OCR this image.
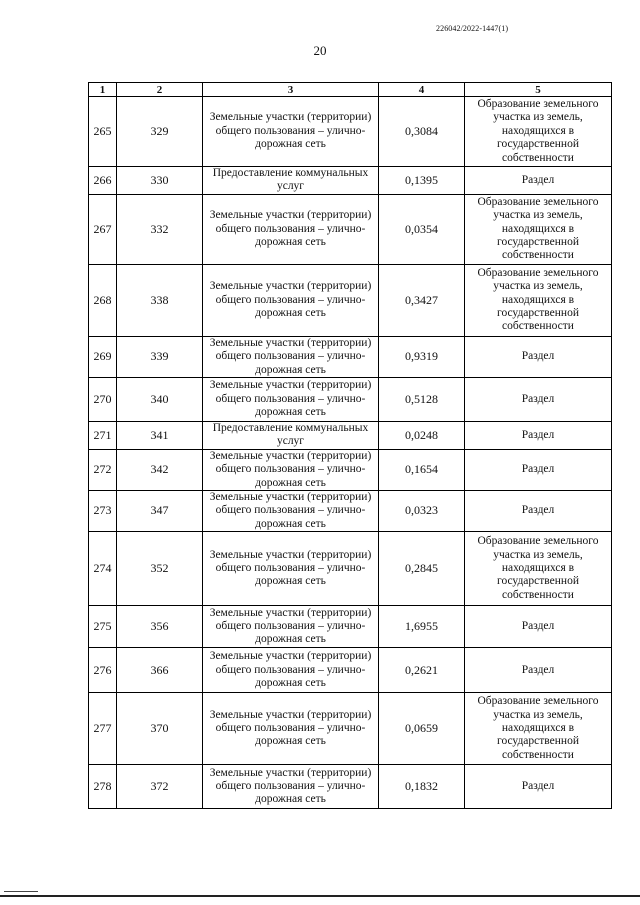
226042/2022-1447(1)
20
1	2	3	4	5
265	329	Земельные участки (территории) общего пользования – улично-дорожная сеть	0,3084	Образование земельного участка из земель, находящихся в государственной собственности
266	330	Предоставление коммунальных услуг	0,1395	Раздел
267	332	Земельные участки (территории) общего пользования – улично-дорожная сеть	0,0354	Образование земельного участка из земель, находящихся в государственной собственности
268	338	Земельные участки (территории) общего пользования – улично-дорожная сеть	0,3427	Образование земельного участка из земель, находящихся в государственной собственности
269	339	Земельные участки (территории) общего пользования – улично-дорожная сеть	0,9319	Раздел
270	340	Земельные участки (территории) общего пользования – улично-дорожная сеть	0,5128	Раздел
271	341	Предоставление коммунальных услуг	0,0248	Раздел
272	342	Земельные участки (территории) общего пользования – улично-дорожная сеть	0,1654	Раздел
273	347	Земельные участки (территории) общего пользования – улично-дорожная сеть	0,0323	Раздел
274	352	Земельные участки (территории) общего пользования – улично-дорожная сеть	0,2845	Образование земельного участка из земель, находящихся в государственной собственности
275	356	Земельные участки (территории) общего пользования – улично-дорожная сеть	1,6955	Раздел
276	366	Земельные участки (территории) общего пользования – улично-дорожная сеть	0,2621	Раздел
277	370	Земельные участки (территории) общего пользования – улично-дорожная сеть	0,0659	Образование земельного участка из земель, находящихся в государственной собственности
278	372	Земельные участки (территории) общего пользования – улично-дорожная сеть	0,1832	Раздел
